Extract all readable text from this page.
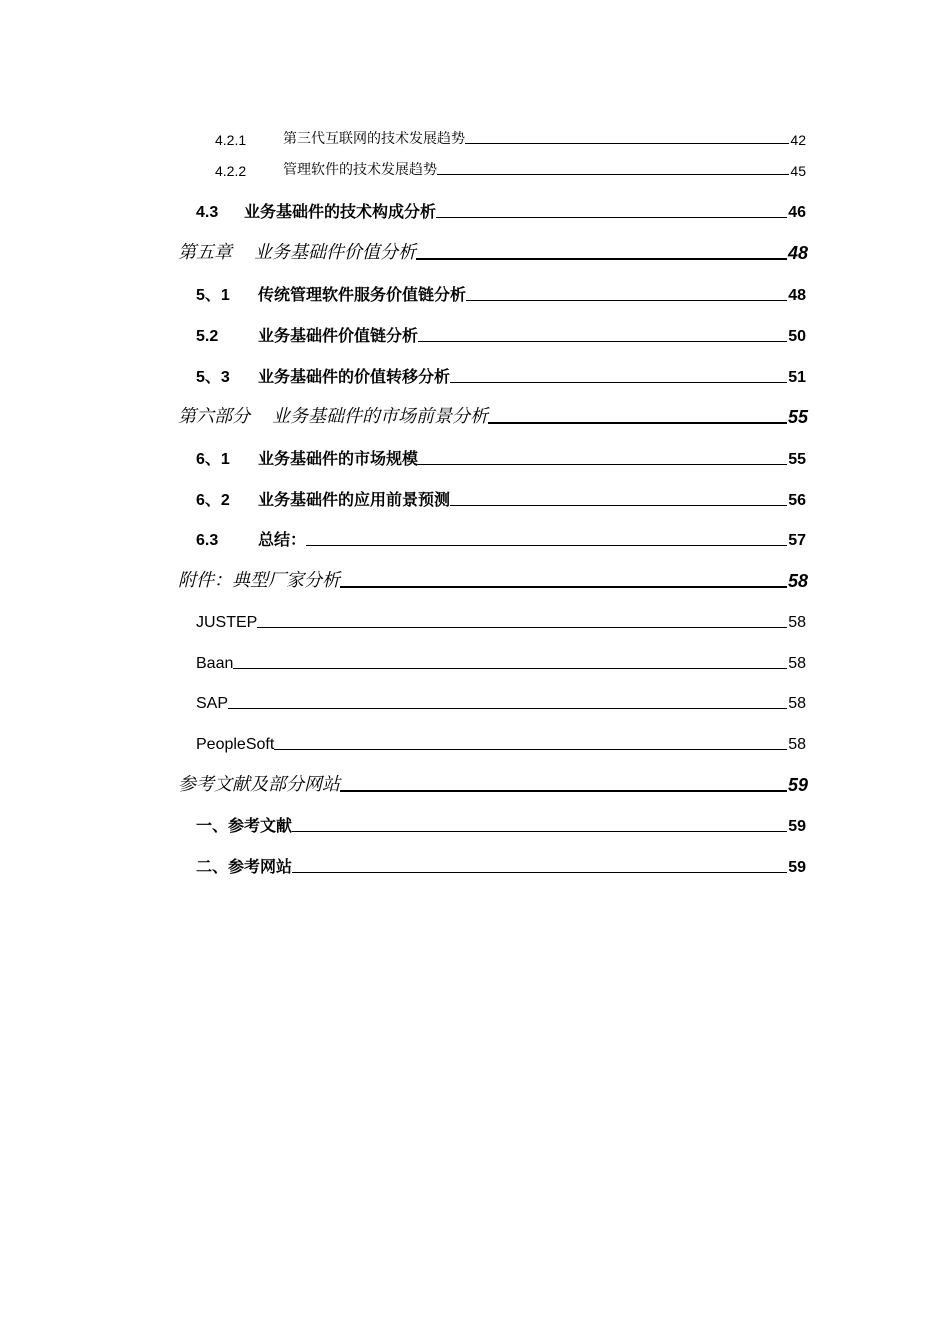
4.2.1	第三代互联网的技术发展趋势	42
4.2.2	管理软件的技术发展趋势	45
4.3	业务基础件的技术构成分析	46
第五章 业务基础件价值分析	48
5、1	传统管理软件服务价值链分析	48
5.2	业务基础件价值链分析	50
5、3	业务基础件的价值转移分析	51
第六部分 业务基础件的市场前景分析	55
6、1	业务基础件的市场规模	55
6、2	业务基础件的应用前景预测	56
6.3	总结：	57
附件：典型厂家分析	58
JUSTEP	58
Baan	58
SAP	58
PeopleSoft	58
参考文献及部分网站	59
一、参考文献	59
二、参考网站	59
